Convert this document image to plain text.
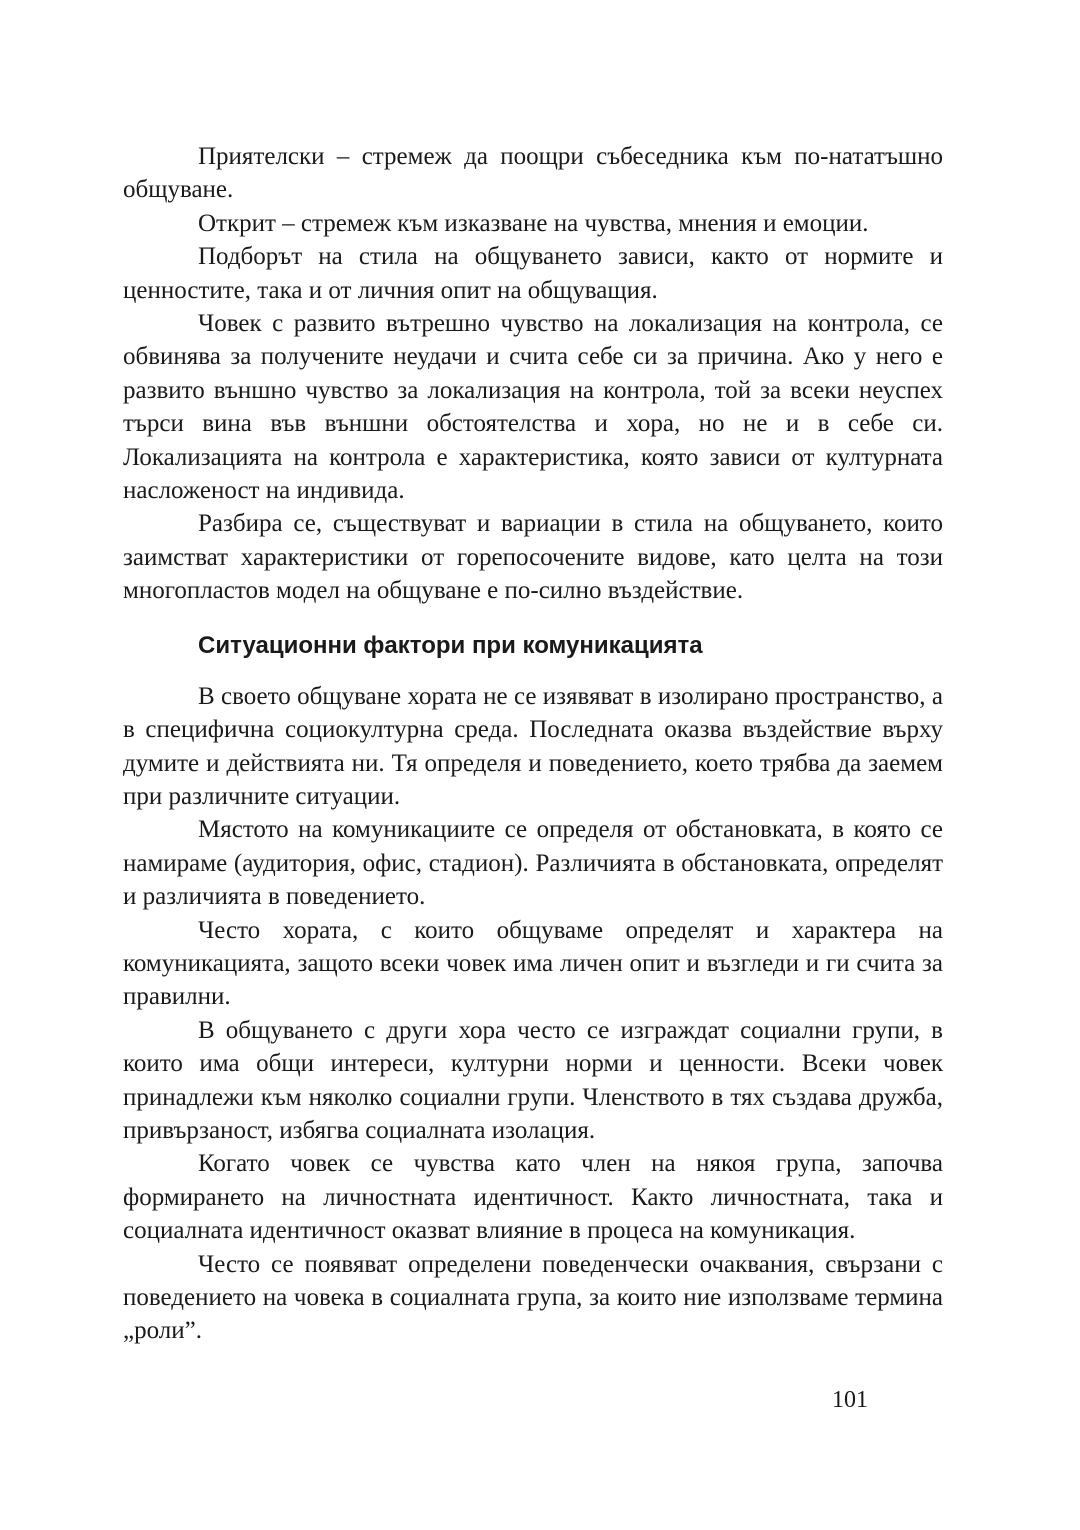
Приятелски – стремеж да поощри събеседника към по-нататъшно общуване.

Открит – стремеж към изказване на чувства, мнения и емоции.

Подборът на стила на общуването зависи, както от нормите и ценностите, така и от личния опит на общуващия.

Човек с развито вътрешно чувство на локализация на контрола, се обвинява за получените неудачи и счита себе си за причина. Ако у него е развито външно чувство за локализация на контрола, той за всеки неуспех търси вина във външни обстоятелства и хора, но не и в себе си. Локализацията на контрола е характеристика, която зависи от културната насложеност на индивида.

Разбира се, съществуват и вариации в стила на общуването, които заимстват характеристики от горепосочените видове, като целта на този многопластов модел на общуване е по-силно въздействие.

Ситуационни фактори при комуникацията

В своето общуване хората не се изявяват в изолирано пространство, а в специфична социокултурна среда. Последната оказва въздействие върху думите и действията ни. Тя определя и поведението, което трябва да заемем при различните ситуации.

Мястото на комуникациите се определя от обстановката, в която се намираме (аудитория, офис, стадион). Различията в обстановката, определят и различията в поведението.

Често хората, с които общуваме определят и характера на комуникацията, защото всеки човек има личен опит и възгледи и ги счита за правилни.

В общуването с други хора често се изграждат социални групи, в които има общи интереси, културни норми и ценности. Всеки човек принадлежи към няколко социални групи. Членството в тях създава дружба, привързаност, избягва социалната изолация.

Когато човек се чувства като член на някоя група, започва формирането на личностната идентичност. Както личностната, така и социалната идентичност оказват влияние в процеса на комуникация.

Често се появяват определени поведенчески очаквания, свързани с поведението на човека в социалната група, за които ние използваме термина „роли”.

101
